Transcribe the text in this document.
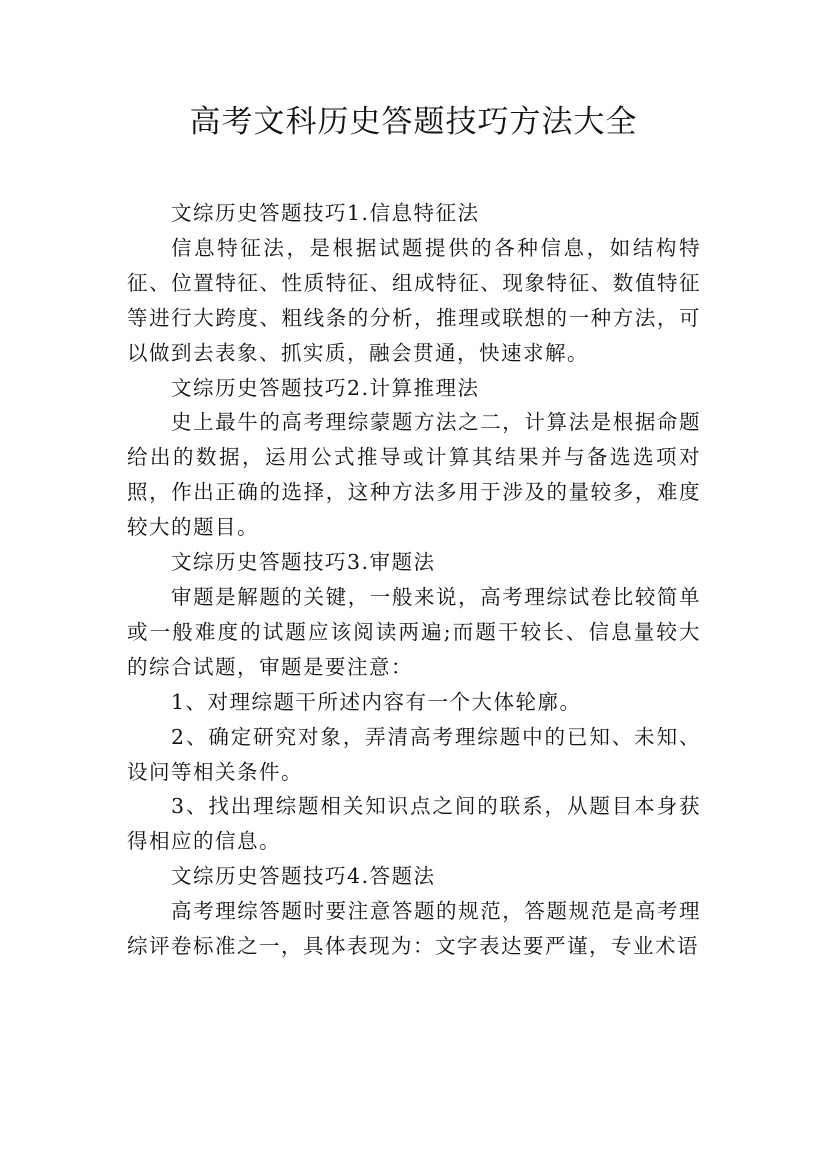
高考文科历史答题技巧方法大全

文综历史答题技巧1.信息特征法

信息特征法，是根据试题提供的各种信息，如结构特征、位置特征、性质特征、组成特征、现象特征、数值特征等进行大跨度、粗线条的分析，推理或联想的一种方法，可以做到去表象、抓实质，融会贯通，快速求解。

文综历史答题技巧2.计算推理法

史上最牛的高考理综蒙题方法之二，计算法是根据命题给出的数据，运用公式推导或计算其结果并与备选选项对照，作出正确的选择，这种方法多用于涉及的量较多，难度较大的题目。

文综历史答题技巧3.审题法

审题是解题的关键，一般来说，高考理综试卷比较简单或一般难度的试题应该阅读两遍;而题干较长、信息量较大的综合试题，审题是要注意：

1、对理综题干所述内容有一个大体轮廓。

2、确定研究对象，弄清高考理综题中的已知、未知、设问等相关条件。

3、找出理综题相关知识点之间的联系，从题目本身获得相应的信息。

文综历史答题技巧4.答题法

高考理综答题时要注意答题的规范，答题规范是高考理综评卷标准之一，具体表现为：文字表达要严谨，专业术语
